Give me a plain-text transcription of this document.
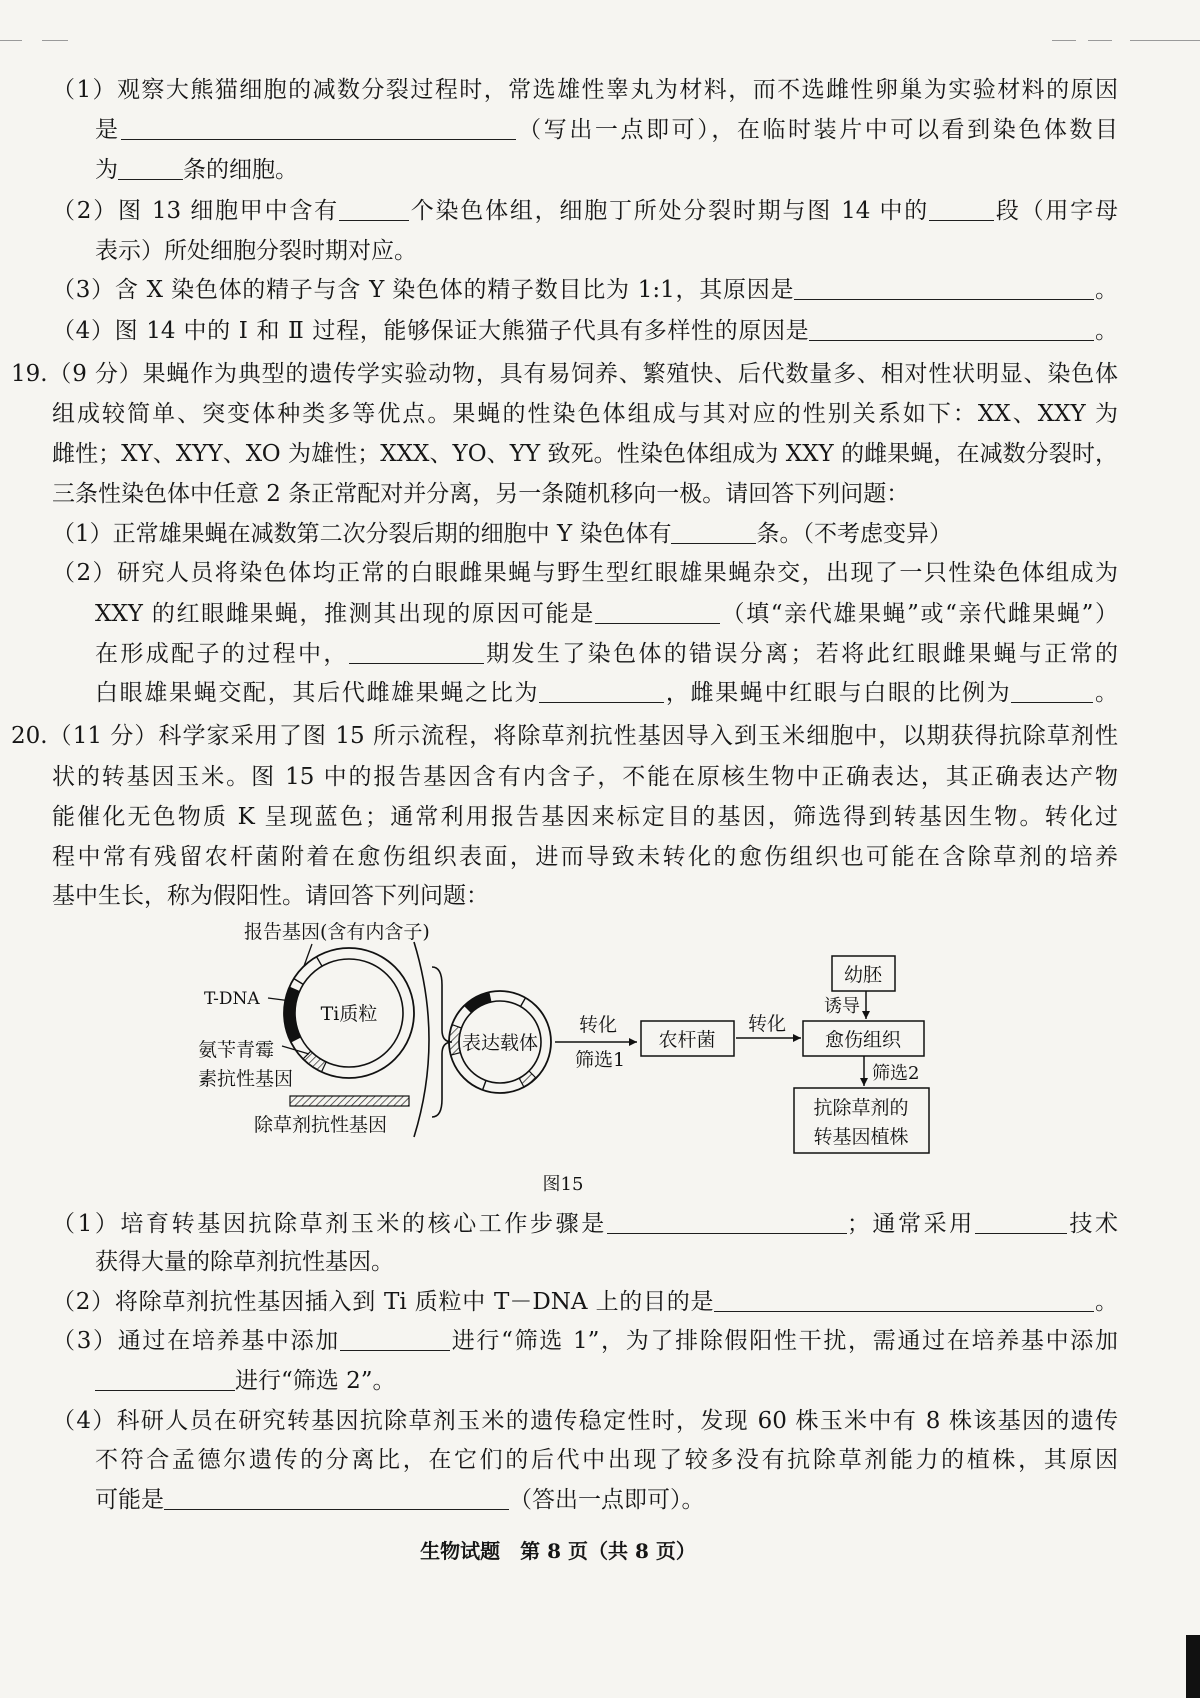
（1）观察大熊猫细胞的减数分裂过程时，常选雄性睾丸为材料，而不选雌性卵巢为实验材料的原因
是	（写出一点即可），在临时装片中可以看到染色体数目
为	条的细胞。
（2）图 13 细胞甲中含有	个染色体组，细胞丁所处分裂时期与图 14 中的	段（用字母
表示）所处细胞分裂时期对应。
（3）含 X 染色体的精子与含 Y 染色体的精子数目比为 1:1，其原因是	。
（4）图 14 中的 Ⅰ 和 Ⅱ 过程，能够保证大熊猫子代具有多样性的原因是	。
19.（9 分）果蝇作为典型的遗传学实验动物，具有易饲养、繁殖快、后代数量多、相对性状明显、染色体
组成较简单、突变体种类多等优点。果蝇的性染色体组成与其对应的性别关系如下：XX、XXY 为
雌性；XY、XYY、XO 为雄性；XXX、YO、YY 致死。性染色体组成为 XXY 的雌果蝇，在减数分裂时，
三条性染色体中任意 2 条正常配对并分离，另一条随机移向一极。请回答下列问题：
（1）正常雄果蝇在减数第二次分裂后期的细胞中 Y 染色体有	条。（不考虑变异）
（2）研究人员将染色体均正常的白眼雌果蝇与野生型红眼雄果蝇杂交，出现了一只性染色体组成为
XXY 的红眼雌果蝇，推测其出现的原因可能是	（填“亲代雄果蝇”或“亲代雌果蝇”）
在形成配子的过程中，	期发生了染色体的错误分离；若将此红眼雌果蝇与正常的
白眼雄果蝇交配，其后代雌雄果蝇之比为	，雌果蝇中红眼与白眼的比例为	。
20.（11 分）科学家采用了图 15 所示流程，将除草剂抗性基因导入到玉米细胞中，以期获得抗除草剂性
状的转基因玉米。图 15 中的报告基因含有内含子，不能在原核生物中正确表达，其正确表达产物
能催化无色物质 K 呈现蓝色；通常利用报告基因来标定目的基因，筛选得到转基因生物。转化过
程中常有残留农杆菌附着在愈伤组织表面，进而导致未转化的愈伤组织也可能在含除草剂的培养
基中生长，称为假阳性。请回答下列问题：
报告基因(含有内含子)
Ti质粒
T-DNA
氨苄青霉
素抗性基因
除草剂抗性基因
表达载体
转化
筛选1
农杆菌
转化
幼胚
诱导
愈伤组织
筛选2
抗除草剂的
转基因植株
图15
（1）培育转基因抗除草剂玉米的核心工作步骤是	；通常采用	技术
获得大量的除草剂抗性基因。
（2）将除草剂抗性基因插入到 Ti 质粒中 T－DNA 上的目的是	。
（3）通过在培养基中添加	进行“筛选 1”，为了排除假阳性干扰，需通过在培养基中添加
进行“筛选 2”。
（4）科研人员在研究转基因抗除草剂玉米的遗传稳定性时，发现 60 株玉米中有 8 株该基因的遗传
不符合孟德尔遗传的分离比，在它们的后代中出现了较多没有抗除草剂能力的植株，其原因
可能是	（答出一点即可）。
生物试题　第 8 页（共 8 页）
